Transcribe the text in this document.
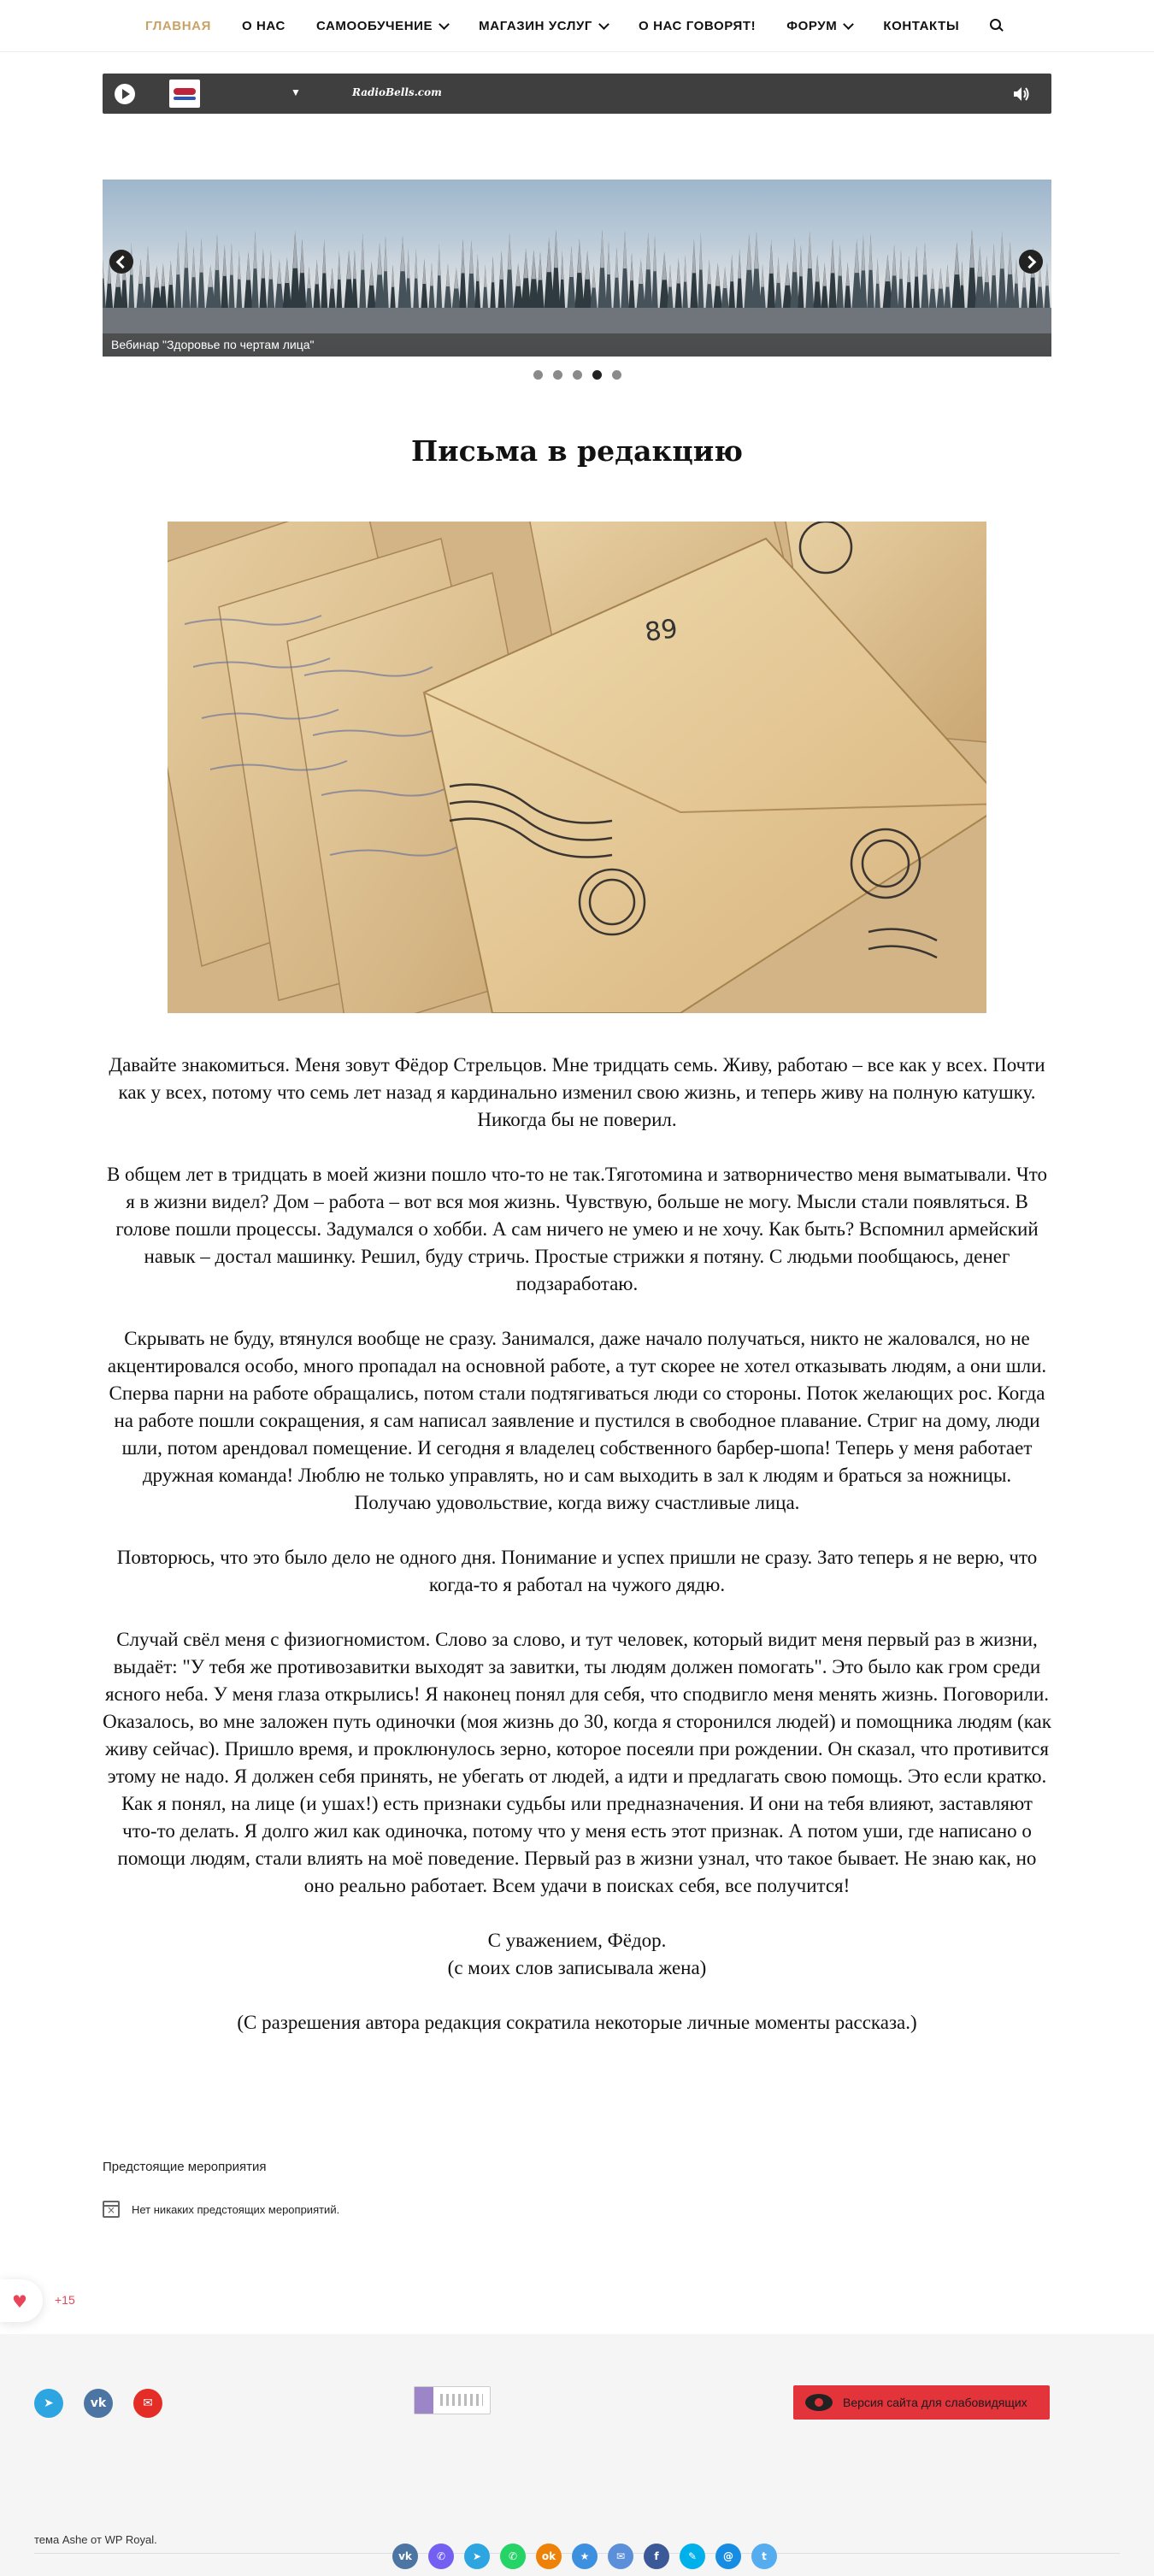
ГЛАВНАЯ О НАС САМООБУЧЕНИЕ	МАГАЗИН УСЛУГ	О НАС ГОВОРЯТ! ФОРУМ	КОНТАКТЫ
▼	RadioBells.com
Вебинар "Здоровье по чертам лица"
Письма в редакцию
89

Давайте знакомиться. Меня зовут Фёдор Стрельцов. Мне тридцать семь. Живу, работаю – все как у всех. Почти как у всех, потому что семь лет назад я кардинально изменил свою жизнь, и теперь живу на полную катушку. Никогда бы не поверил.

В общем лет в тридцать в моей жизни пошло что-то не так.Тяготомина и затворничество меня выматывали. Что я в жизни видел? Дом – работа – вот вся моя жизнь. Чувствую, больше не могу. Мысли стали появляться. В голове пошли процессы. Задумался о хобби. А сам ничего не умею и не хочу. Как быть? Вспомнил армейский навык – достал машинку. Решил, буду стричь. Простые стрижки я потяну. С людьми пообщаюсь, денег подзаработаю.

Скрывать не буду, втянулся вообще не сразу. Занимался, даже начало получаться, никто не жаловался, но не акцентировался особо, много пропадал на основной работе, а тут скорее не хотел отказывать людям, а они шли. Сперва парни на работе обращались, потом стали подтягиваться люди со стороны. Поток желающих рос. Когда на работе пошли сокращения, я сам написал заявление и пустился в свободное плавание. Стриг на дому, люди шли, потом арендовал помещение. И сегодня я владелец собственного барбер-шопа! Теперь у меня работает дружная команда! Люблю не только управлять, но и сам выходить в зал к людям и браться за ножницы. Получаю удовольствие, когда вижу счастливые лица.

Повторюсь, что это было дело не одного дня. Понимание и успех пришли не сразу. Зато теперь я не верю, что когда-то я работал на чужого дядю.

Случай свёл меня с физиогномистом. Слово за слово, и тут человек, который видит меня первый раз в жизни, выдаёт: "У тебя же противозавитки выходят за завитки, ты людям должен помогать". Это было как гром среди ясного неба. У меня глаза открылись! Я наконец понял для себя, что сподвигло меня менять жизнь. Поговорили. Оказалось, во мне заложен путь одиночки (моя жизнь до 30, когда я сторонился людей) и помощника людям (как живу сейчас). Пришло время, и проклюнулось зерно, которое посеяли при рождении. Он сказал, что противится этому не надо. Я должен себя принять, не убегать от людей, а идти и предлагать свою помощь. Это если кратко. Как я понял, на лице (и ушах!) есть признаки судьбы или предназначения. И они на тебя влияют, заставляют что-то делать. Я долго жил как одиночка, потому что у меня есть этот признак. А потом уши, где написано о помощи людям, стали влиять на моё поведение. Первый раз в жизни узнал, что такое бывает. Не знаю как, но оно реально работает. Всем удачи в поисках себя, все получится!

С уважением, Фёдор.
(с моих слов записывала жена)

(С разрешения автора редакция сократила некоторые личные моменты рассказа.)

Предстоящие мероприятия
×
Нет никаких предстоящих мероприятий.
♥ +15
➤	vk	✉	Версия сайта для слабовидящих
тема Ashe от WP Royal.
vk	✆	➤	✆	ok	★	✉	f	✎	@	t
